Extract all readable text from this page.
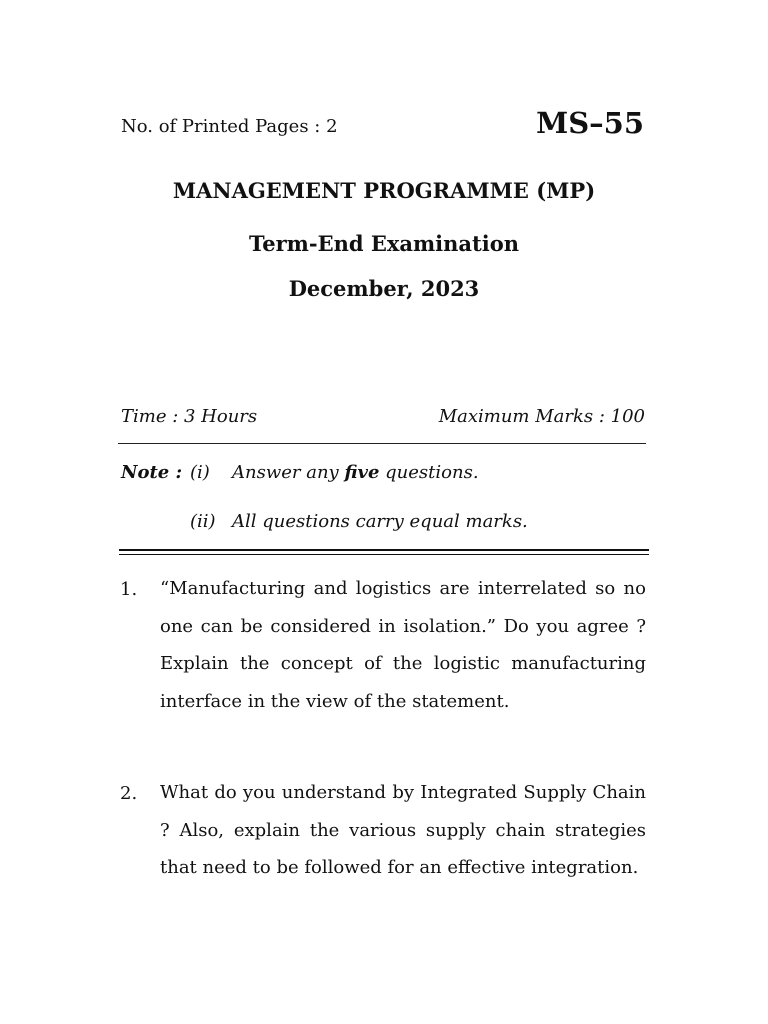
No. of Printed Pages : 2	MS–55
MANAGEMENT PROGRAMME (MP)
Term-End Examination
December, 2023
Time : 3 Hours	Maximum Marks : 100
Note : (i) Answer any five questions.
(ii) All questions carry equal marks.
1. “Manufacturing and logistics are interrelated so no one can be considered in isolation.” Do you agree ? Explain the concept of the logistic manufacturing interface in the view of the statement.
2. What do you understand by Integrated Supply Chain ? Also, explain the various supply chain strategies that need to be followed for an effective integration.
